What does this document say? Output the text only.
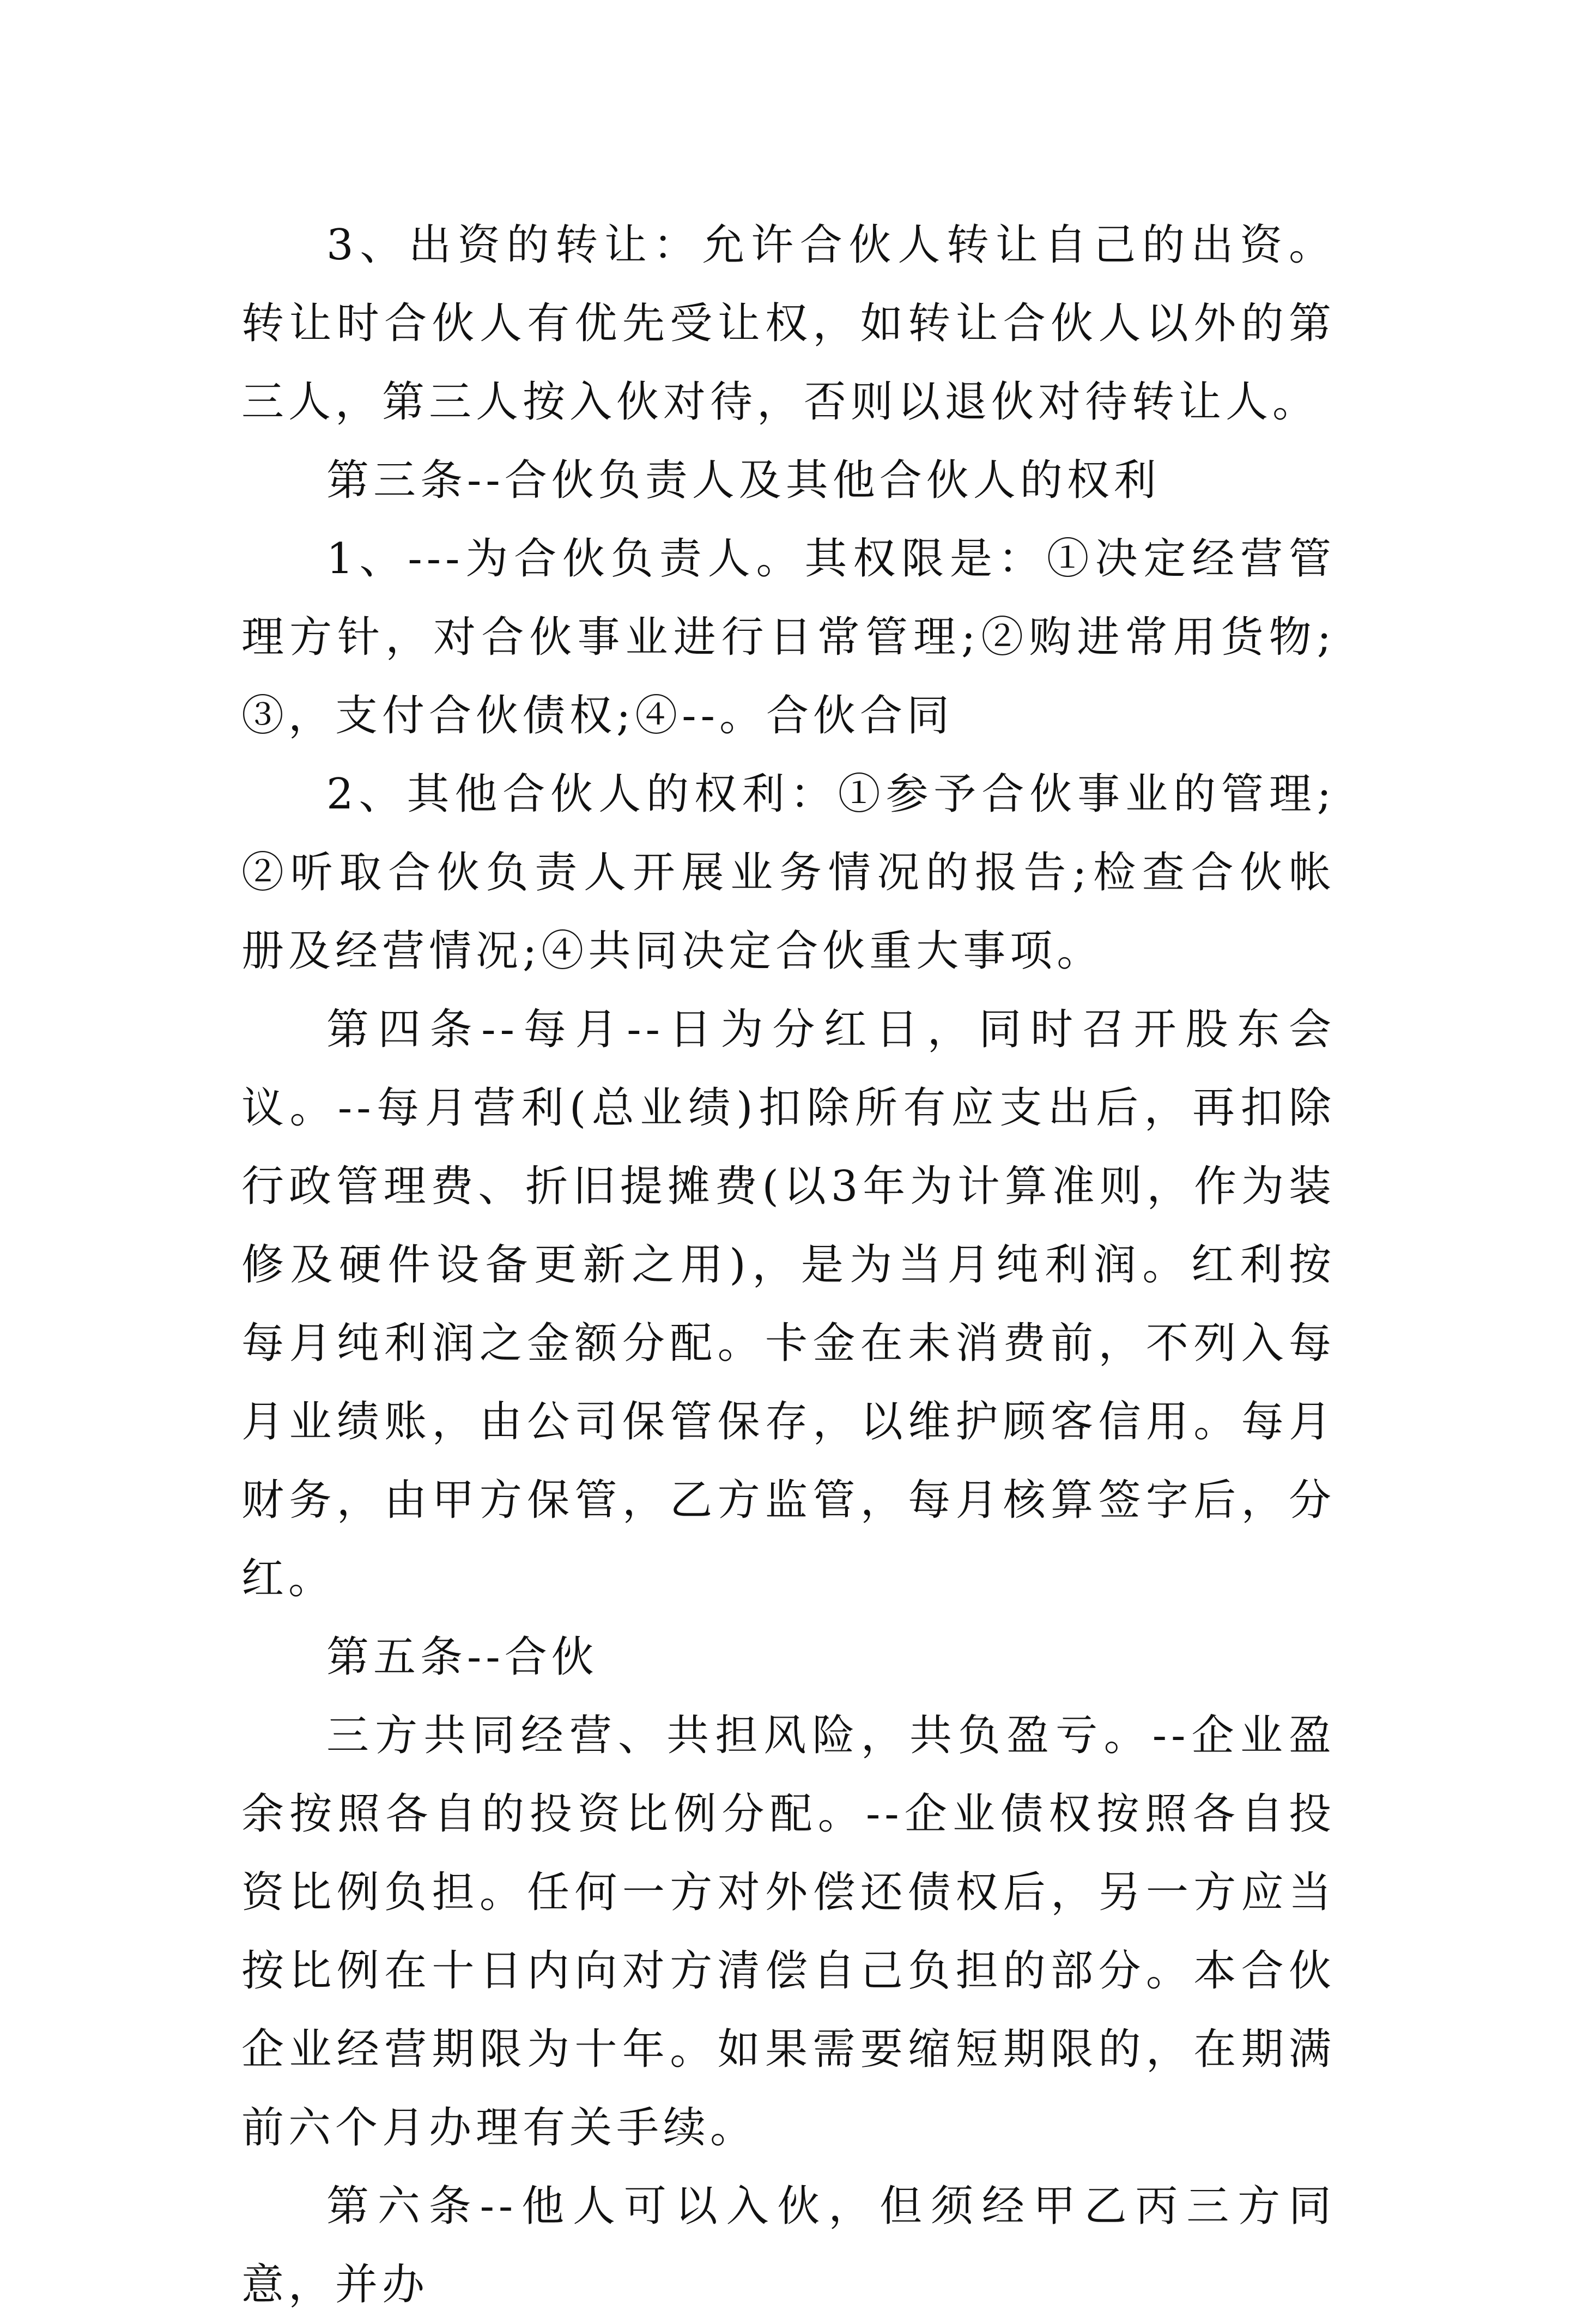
3、出资的转让：允许合伙人转让自己的出资。转让时合伙人有优先受让权，如转让合伙人以外的第三人，第三人按入伙对待，否则以退伙对待转让人。

第三条--合伙负责人及其他合伙人的权利

1、---为合伙负责人。其权限是：①决定经营管理方针，对合伙事业进行日常管理;②购进常用货物;③，支付合伙债权;④--。合伙合同

2、其他合伙人的权利：①参予合伙事业的管理;②听取合伙负责人开展业务情况的报告;检查合伙帐册及经营情况;④共同决定合伙重大事项。

第四条--每月--日为分红日，同时召开股东会议。--每月营利(总业绩)扣除所有应支出后，再扣除行政管理费、折旧提摊费(以3年为计算准则，作为装修及硬件设备更新之用)，是为当月纯利润。红利按每月纯利润之金额分配。卡金在未消费前，不列入每月业绩账，由公司保管保存，以维护顾客信用。每月财务，由甲方保管，乙方监管，每月核算签字后，分红。

第五条--合伙

三方共同经营、共担风险，共负盈亏。--企业盈余按照各自的投资比例分配。--企业债权按照各自投资比例负担。任何一方对外偿还债权后，另一方应当按比例在十日内向对方清偿自己负担的部分。本合伙企业经营期限为十年。如果需要缩短期限的，在期满前六个月办理有关手续。

第六条--他人可以入伙，但须经甲乙丙三方同意，并办
